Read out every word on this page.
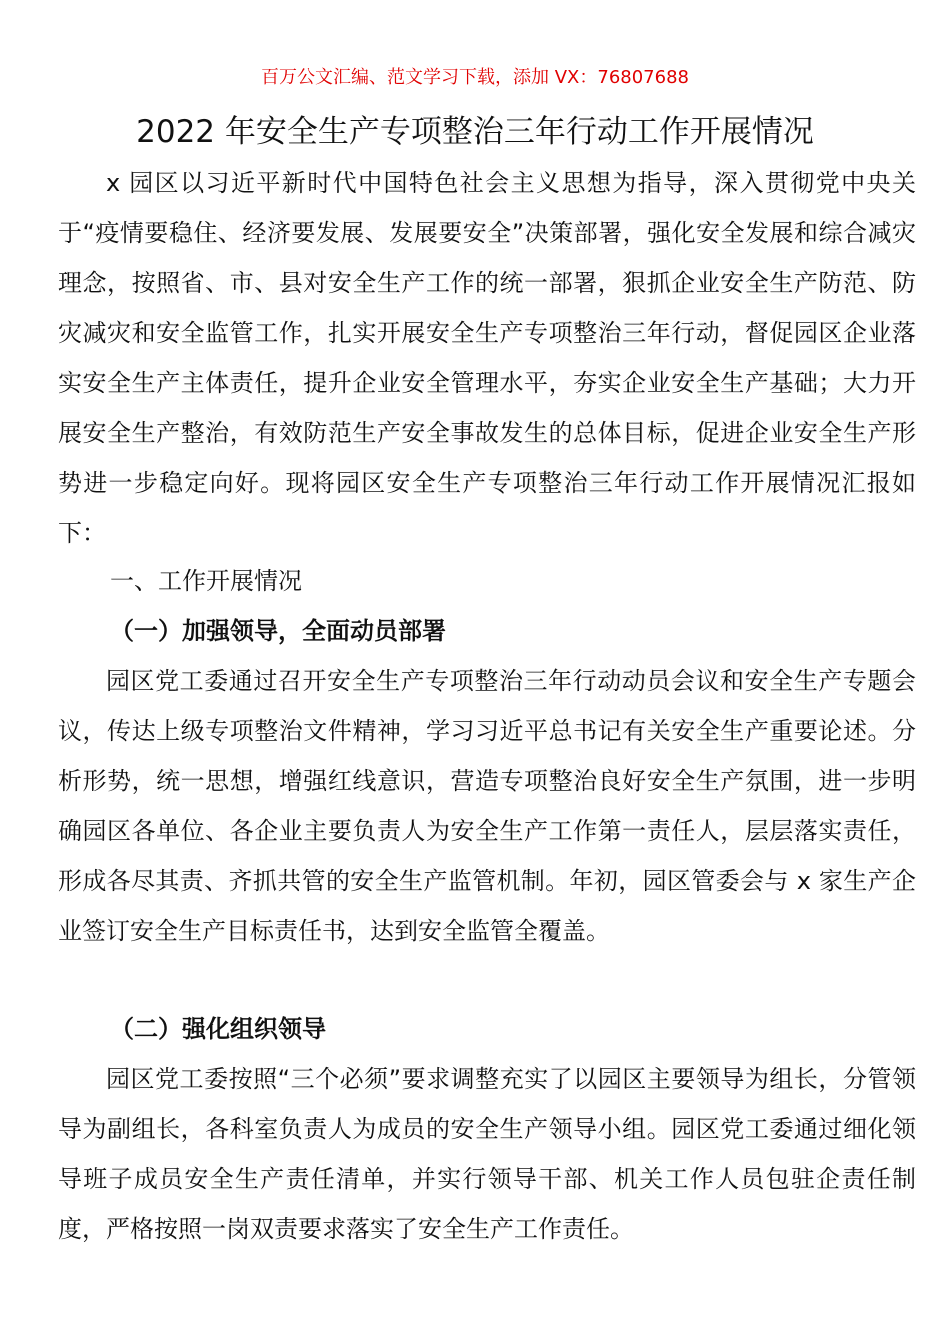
百万公文汇编、范文学习下载，添加 VX：76807688
2022 年安全生产专项整治三年行动工作开展情况

x 园区以习近平新时代中国特色社会主义思想为指导，深入贯彻党中央关于“疫情要稳住、经济要发展、发展要安全”决策部署，强化安全发展和综合减灾理念，按照省、市、县对安全生产工作的统一部署，狠抓企业安全生产防范、防灾减灾和安全监管工作，扎实开展安全生产专项整治三年行动，督促园区企业落实安全生产主体责任，提升企业安全管理水平，夯实企业安全生产基础；大力开展安全生产整治，有效防范生产安全事故发生的总体目标，促进企业安全生产形势进一步稳定向好。现将园区安全生产专项整治三年行动工作开展情况汇报如下：

一、工作开展情况

（一）加强领导，全面动员部署

园区党工委通过召开安全生产专项整治三年行动动员会议和安全生产专题会议，传达上级专项整治文件精神，学习习近平总书记有关安全生产重要论述。分析形势，统一思想，增强红线意识，营造专项整治良好安全生产氛围，进一步明确园区各单位、各企业主要负责人为安全生产工作第一责任人，层层落实责任，形成各尽其责、齐抓共管的安全生产监管机制。年初，园区管委会与 x 家生产企业签订安全生产目标责任书，达到安全监管全覆盖。

（二）强化组织领导

园区党工委按照“三个必须”要求调整充实了以园区主要领导为组长，分管领导为副组长，各科室负责人为成员的安全生产领导小组。园区党工委通过细化领导班子成员安全生产责任清单，并实行领导干部、机关工作人员包驻企责任制度，严格按照一岗双责要求落实了安全生产工作责任。
